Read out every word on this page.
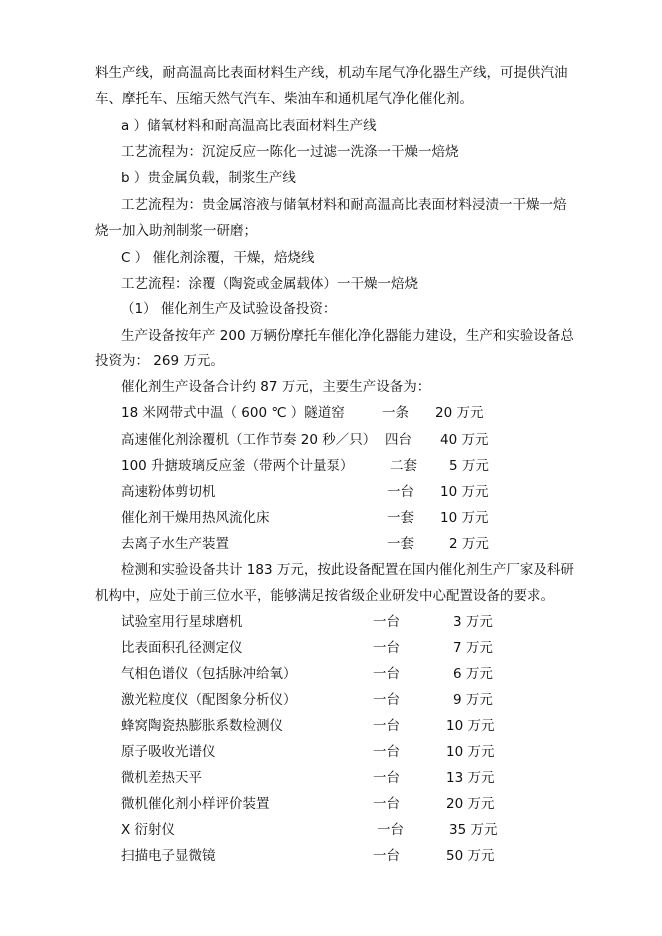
料生产线，耐高温高比表面材料生产线，机动车尾气净化器生产线，可提供汽油
车、摩托车、压缩天然气汽车、柴油车和通机尾气净化催化剂。
a ）储氧材料和耐高温高比表面材料生产线
工艺流程为：沉淀反应一陈化一过滤一洗涤一干燥一焙烧
b ）贵金属负载，制浆生产线
工艺流程为：贵金属溶液与储氧材料和耐高温高比表面材料浸渍一干燥一焙
烧一加入助剂制浆一研磨；
C ） 催化剂涂覆，干燥，焙烧线
工艺流程：涂覆（陶瓷或金属载体）一干燥一焙烧
（1） 催化剂生产及试验设备投资：
生产设备按年产 200 万辆份摩托车催化净化器能力建设，生产和实验设备总
投资为： 269 万元。
催化剂生产设备合计约 87 万元，主要生产设备为：
18 米网带式中温（ 600 ℃ ）隧道窑	一条 20 万元
高速催化剂涂覆机（工作节奏 20 秒／只） 四台 40 万元
100 升搪玻璃反应釜（带两个计量泵）	二套 5 万元
高速粉体剪切机	一台 10 万元
催化剂干燥用热风流化床	一套 10 万元
去离子水生产装置	一套	2 万元
检测和实验设备共计 183 万元，按此设备配置在国内催化剂生产厂家及科研
机构中，应处于前三位水平，能够满足按省级企业研发中心配置设备的要求。
试验室用行星球磨机	一台	3 万元
比表面积孔径测定仪	一台	7 万元
气相色谱仪（包括脉冲给氧）	一台	6 万元
激光粒度仪（配图象分析仪）	一台	9 万元
蜂窝陶瓷热膨胀系数检测仪	一台	10 万元
原子吸收光谱仪	一台	10 万元
微机差热天平	一台	13 万元
微机催化剂小样评价装置	一台	20 万元
X 衍射仪	一台	35 万元
扫描电子显微镜	一台	50 万元
